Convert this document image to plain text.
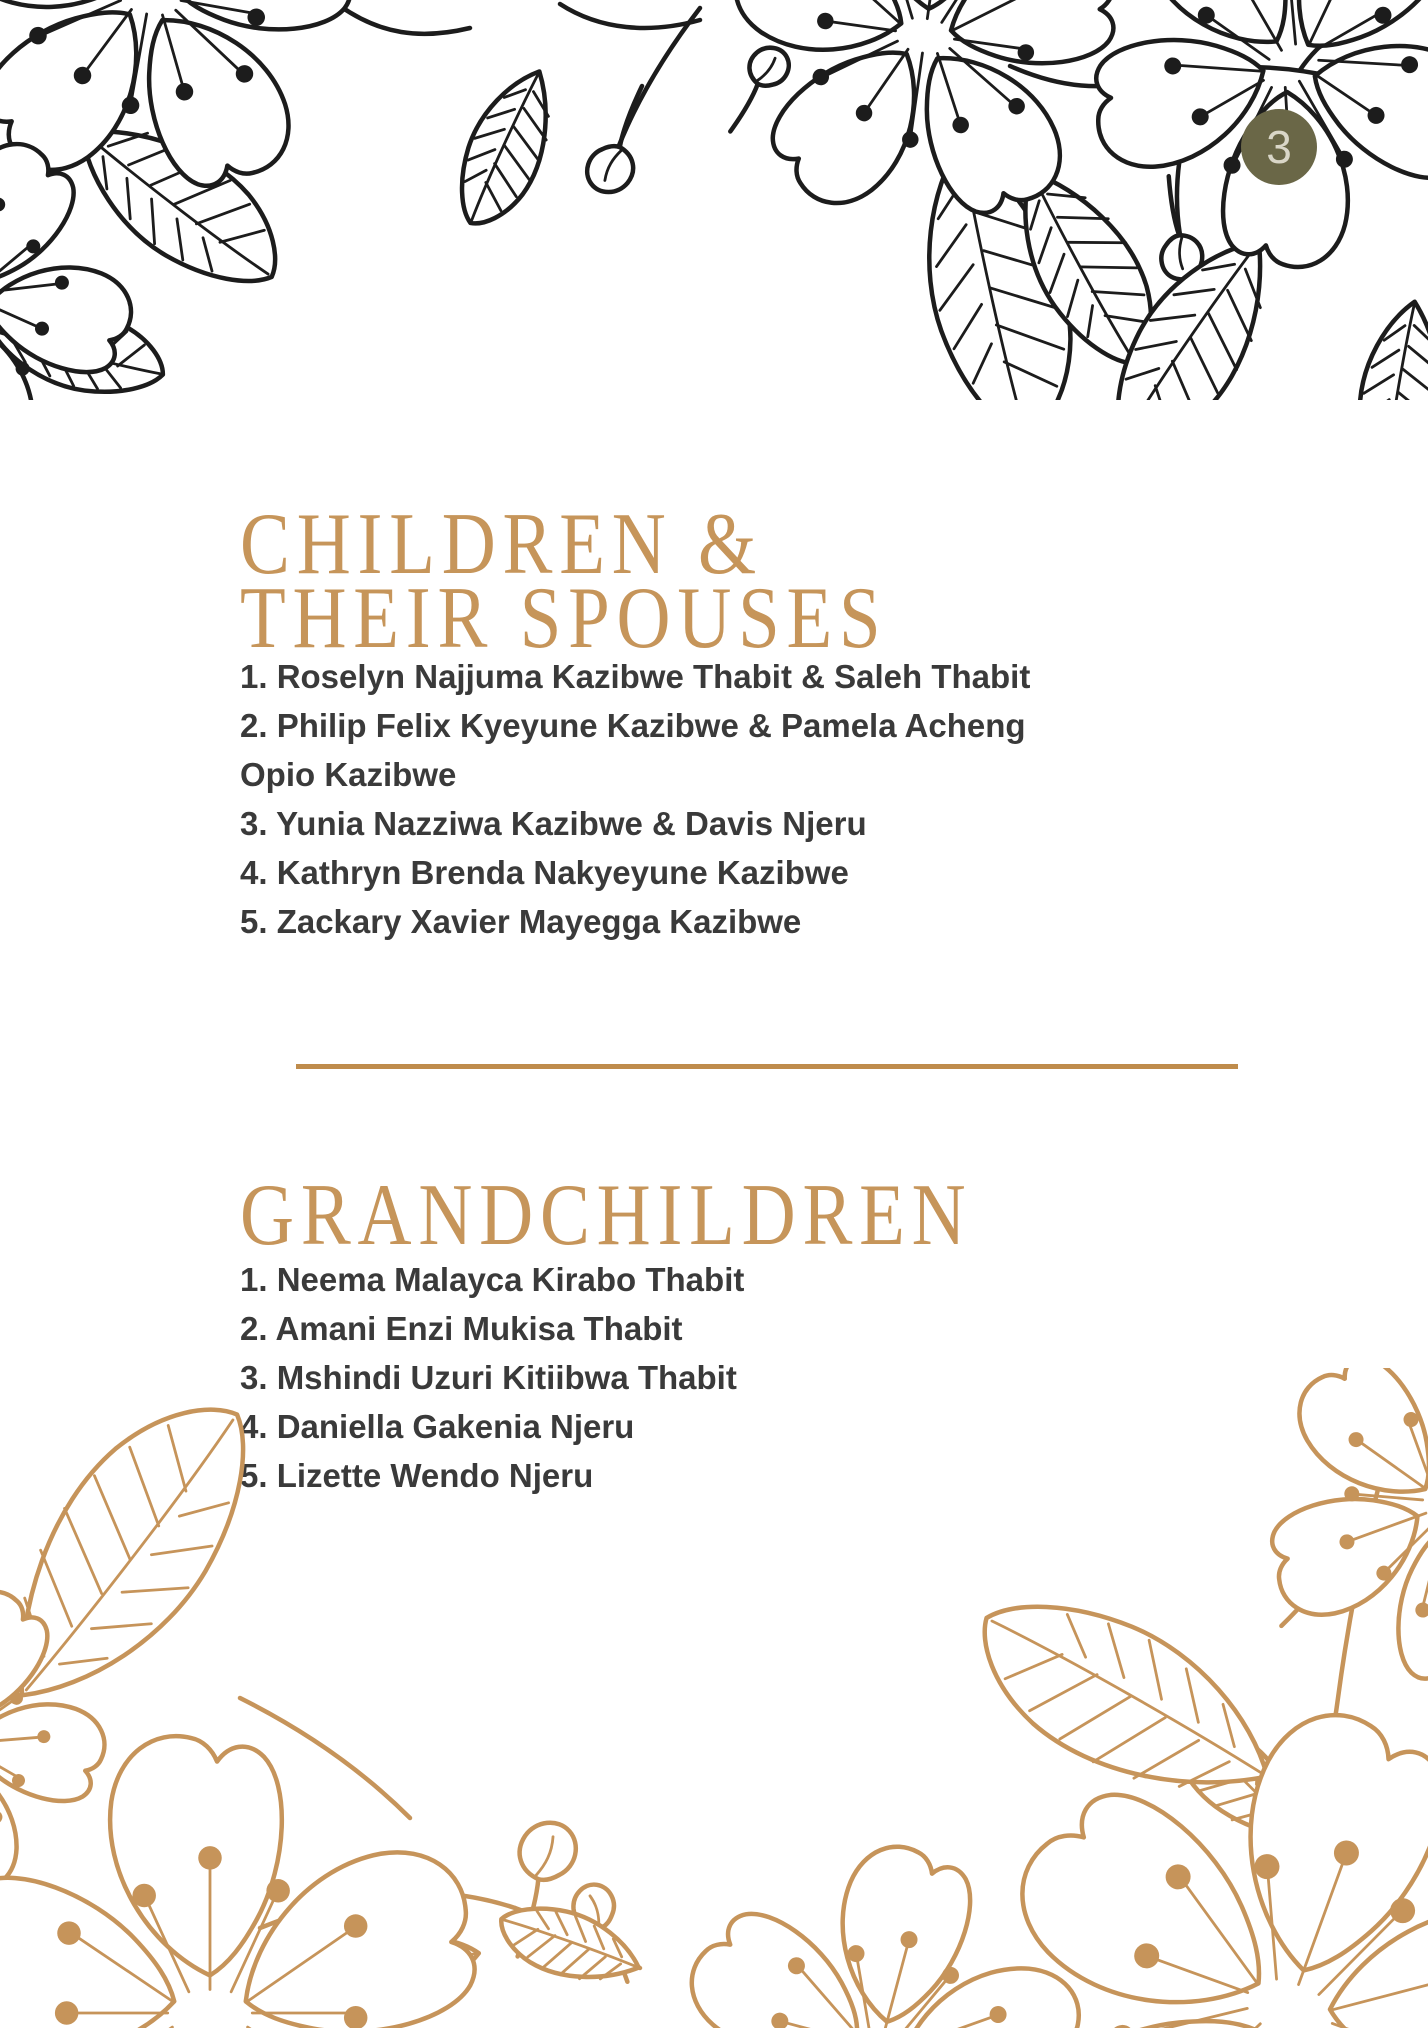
3
CHILDREN &
THEIR SPOUSES
1. Roselyn Najjuma Kazibwe Thabit & Saleh Thabit
2. Philip Felix Kyeyune Kazibwe & Pamela Acheng
Opio Kazibwe
3. Yunia Nazziwa Kazibwe & Davis Njeru
4. Kathryn Brenda Nakyeyune Kazibwe
5. Zackary Xavier Mayegga Kazibwe
GRANDCHILDREN
1. Neema Malayca Kirabo Thabit
2. Amani Enzi Mukisa Thabit
3. Mshindi Uzuri Kitiibwa Thabit
4. Daniella Gakenia Njeru
5. Lizette Wendo Njeru
